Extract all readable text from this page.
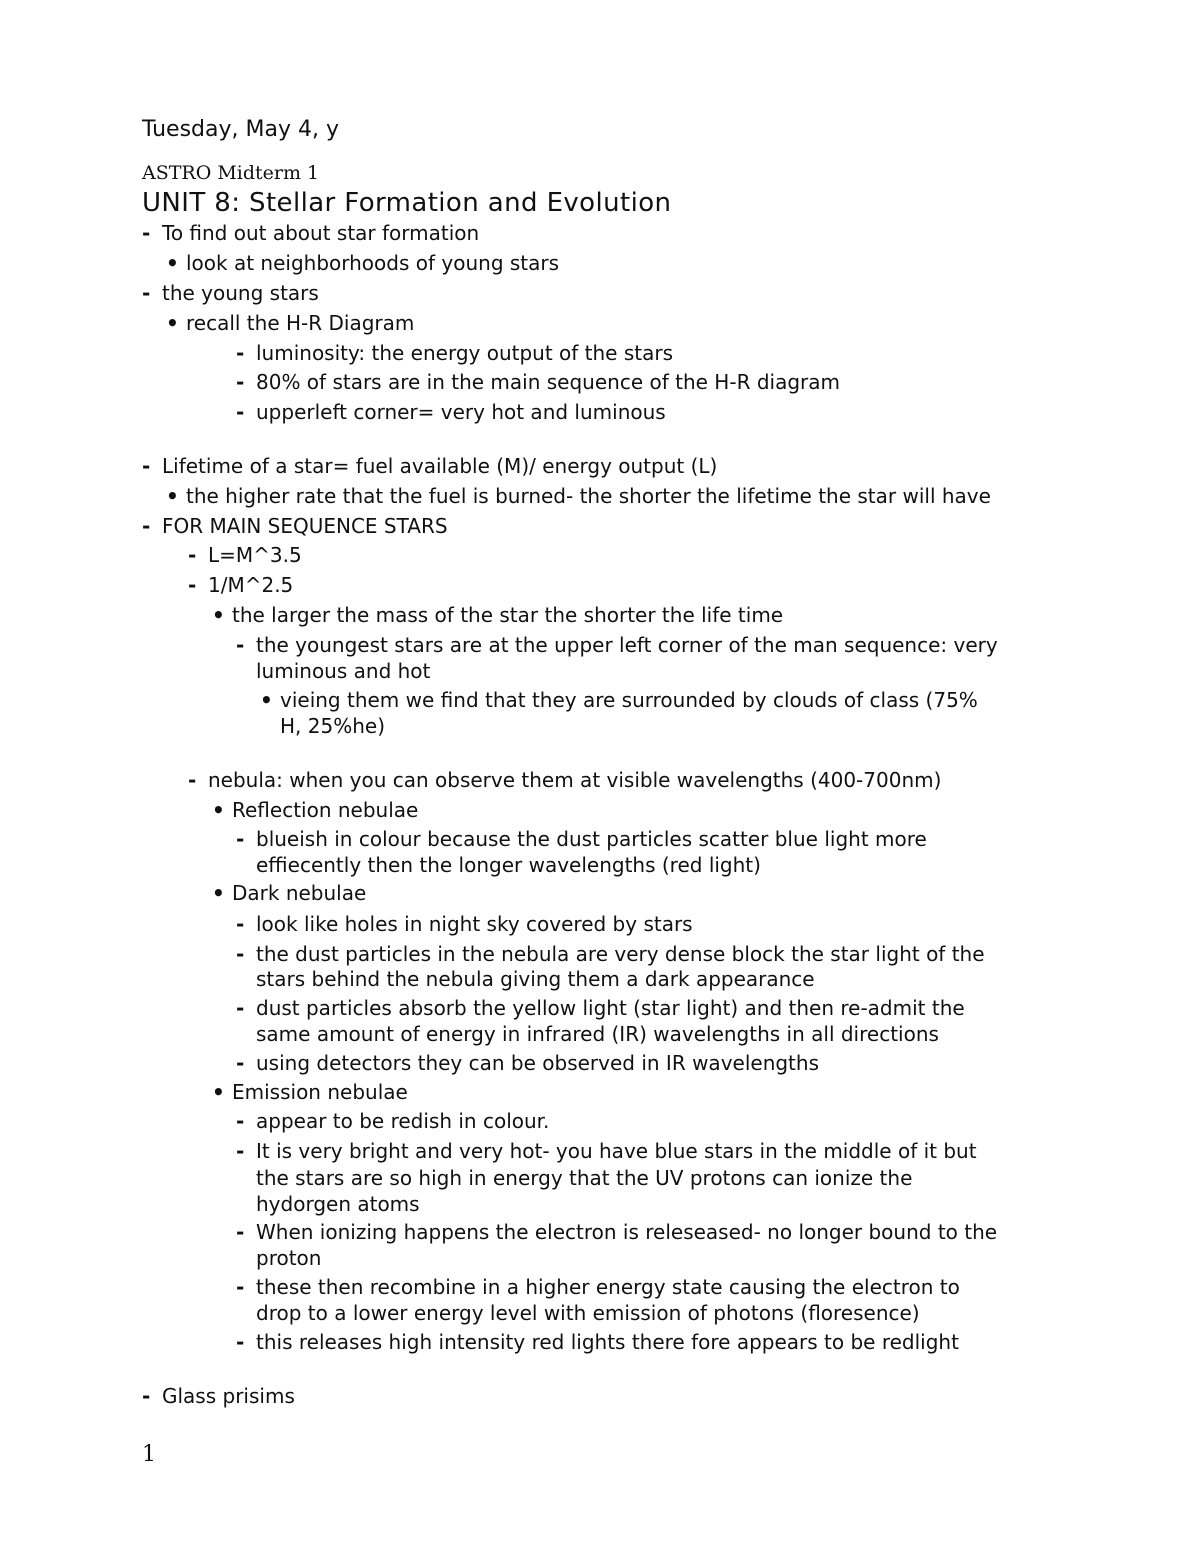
Tuesday, May 4, y
ASTRO Midterm 1
UNIT 8: Stellar Formation and Evolution
- To find out about star formation
• look at neighborhoods of young stars
- the young stars
• recall the H-R Diagram
- luminosity: the energy output of the stars
- 80% of stars are in the main sequence of the H-R diagram
- upperleft corner= very hot and luminous
- Lifetime of a star= fuel available (M)/ energy output (L)
• the higher rate that the fuel is burned- the shorter the lifetime the star will have
- FOR MAIN SEQUENCE STARS
- L=M^3.5
- 1/M^2.5
• the larger the mass of the star the shorter the life time
- the youngest stars are at the upper left corner of the man sequence: very
luminous and hot
• vieing them we find that they are surrounded by clouds of class (75%
H, 25%he)
- nebula: when you can observe them at visible wavelengths (400-700nm)
• Reflection nebulae
- blueish in colour because the dust particles scatter blue light more
effiecently then the longer wavelengths (red light)
• Dark nebulae
- look like holes in night sky covered by stars
- the dust particles in the nebula are very dense block the star light of the
stars behind the nebula giving them a dark appearance
- dust particles absorb the yellow light (star light) and then re-admit the
same amount of energy in infrared (IR) wavelengths in all directions
- using detectors they can be observed in IR wavelengths
• Emission nebulae
- appear to be redish in colour.
- It is very bright and very hot- you have blue stars in the middle of it but
the stars are so high in energy that the UV protons can ionize the
hydorgen atoms
- When ionizing happens the electron is releseased- no longer bound to the
proton
- these then recombine in a higher energy state causing the electron to
drop to a lower energy level with emission of photons (floresence)
- this releases high intensity red lights there fore appears to be redlight
- Glass prisims
1
